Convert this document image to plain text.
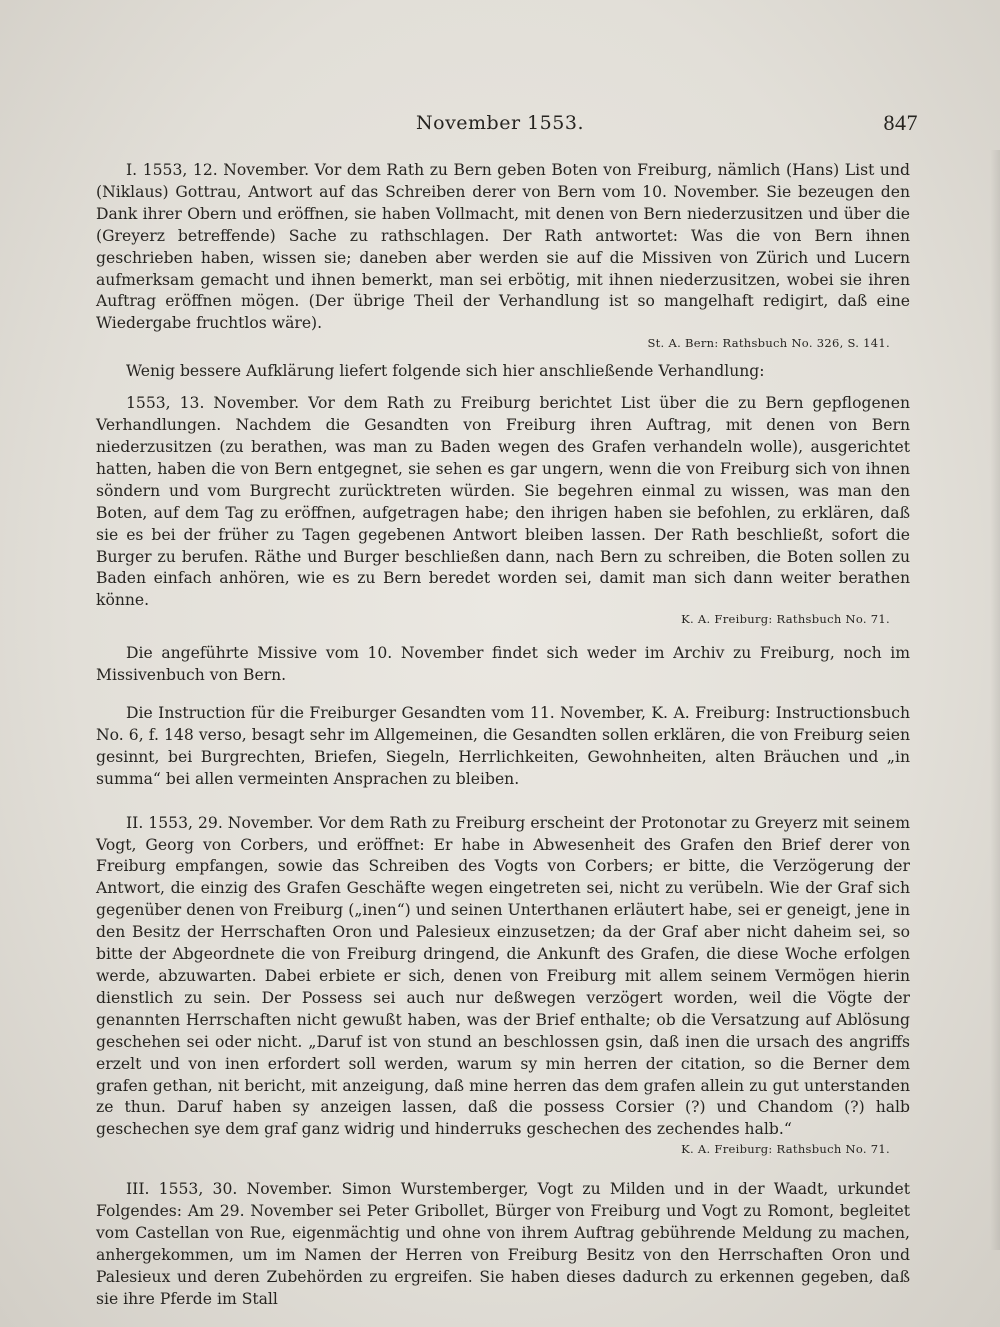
November 1553.	847

I. 1553, 12. November. Vor dem Rath zu Bern geben Boten von Freiburg, nämlich (Hans) List und (Niklaus) Gottrau, Antwort auf das Schreiben derer von Bern vom 10. November. Sie bezeugen den Dank ihrer Obern und eröffnen, sie haben Vollmacht, mit denen von Bern niederzusitzen und über die (Greyerz betreffende) Sache zu rathschlagen. Der Rath antwortet: Was die von Bern ihnen geschrieben haben, wissen sie; daneben aber werden sie auf die Missiven von Zürich und Lucern aufmerksam gemacht und ihnen bemerkt, man sei erbötig, mit ihnen niederzusitzen, wobei sie ihren Auftrag eröffnen mögen. (Der übrige Theil der Verhandlung ist so mangelhaft redigirt, daß eine Wiedergabe fruchtlos wäre).

St. A. Bern: Rathsbuch No. 326, S. 141.

Wenig bessere Aufklärung liefert folgende sich hier anschließende Verhandlung:

1553, 13. November. Vor dem Rath zu Freiburg berichtet List über die zu Bern gepflogenen Verhandlungen. Nachdem die Gesandten von Freiburg ihren Auftrag, mit denen von Bern niederzusitzen (zu berathen, was man zu Baden wegen des Grafen verhandeln wolle), ausgerichtet hatten, haben die von Bern entgegnet, sie sehen es gar ungern, wenn die von Freiburg sich von ihnen söndern und vom Burgrecht zurücktreten würden. Sie begehren einmal zu wissen, was man den Boten, auf dem Tag zu eröffnen, aufgetragen habe; den ihrigen haben sie befohlen, zu erklären, daß sie es bei der früher zu Tagen gegebenen Antwort bleiben lassen. Der Rath beschließt, sofort die Burger zu berufen. Räthe und Burger beschließen dann, nach Bern zu schreiben, die Boten sollen zu Baden einfach anhören, wie es zu Bern beredet worden sei, damit man sich dann weiter berathen könne.

K. A. Freiburg: Rathsbuch No. 71.

Die angeführte Missive vom 10. November findet sich weder im Archiv zu Freiburg, noch im Missivenbuch von Bern.

Die Instruction für die Freiburger Gesandten vom 11. November, K. A. Freiburg: Instructionsbuch No. 6, f. 148 verso, besagt sehr im Allgemeinen, die Gesandten sollen erklären, die von Freiburg seien gesinnt, bei Burgrechten, Briefen, Siegeln, Herrlichkeiten, Gewohnheiten, alten Bräuchen und „in summa“ bei allen vermeinten Ansprachen zu bleiben.

II. 1553, 29. November. Vor dem Rath zu Freiburg erscheint der Protonotar zu Greyerz mit seinem Vogt, Georg von Corbers, und eröffnet: Er habe in Abwesenheit des Grafen den Brief derer von Freiburg empfangen, sowie das Schreiben des Vogts von Corbers; er bitte, die Verzögerung der Antwort, die einzig des Grafen Geschäfte wegen eingetreten sei, nicht zu verübeln. Wie der Graf sich gegenüber denen von Freiburg („inen“) und seinen Unterthanen erläutert habe, sei er geneigt, jene in den Besitz der Herrschaften Oron und Palesieux einzusetzen; da der Graf aber nicht daheim sei, so bitte der Abgeordnete die von Freiburg dringend, die Ankunft des Grafen, die diese Woche erfolgen werde, abzuwarten. Dabei erbiete er sich, denen von Freiburg mit allem seinem Vermögen hierin dienstlich zu sein. Der Possess sei auch nur deßwegen verzögert worden, weil die Vögte der genannten Herrschaften nicht gewußt haben, was der Brief enthalte; ob die Versatzung auf Ablösung geschehen sei oder nicht. „Daruf ist von stund an beschlossen gsin, daß inen die ursach des angriffs erzelt und von inen erfordert soll werden, warum sy min herren der citation, so die Berner dem grafen gethan, nit bericht, mit anzeigung, daß mine herren das dem grafen allein zu gut unterstanden ze thun. Daruf haben sy anzeigen lassen, daß die possess Corsier (?) und Chandom (?) halb geschechen sye dem graf ganz widrig und hinderruks geschechen des zechendes halb.“

K. A. Freiburg: Rathsbuch No. 71.

III. 1553, 30. November. Simon Wurstemberger, Vogt zu Milden und in der Waadt, urkundet Folgendes: Am 29. November sei Peter Gribollet, Bürger von Freiburg und Vogt zu Romont, begleitet vom Castellan von Rue, eigenmächtig und ohne von ihrem Auftrag gebührende Meldung zu machen, anhergekommen, um im Namen der Herren von Freiburg Besitz von den Herrschaften Oron und Palesieux und deren Zubehörden zu ergreifen. Sie haben dieses dadurch zu erkennen gegeben, daß sie ihre Pferde im Stall
